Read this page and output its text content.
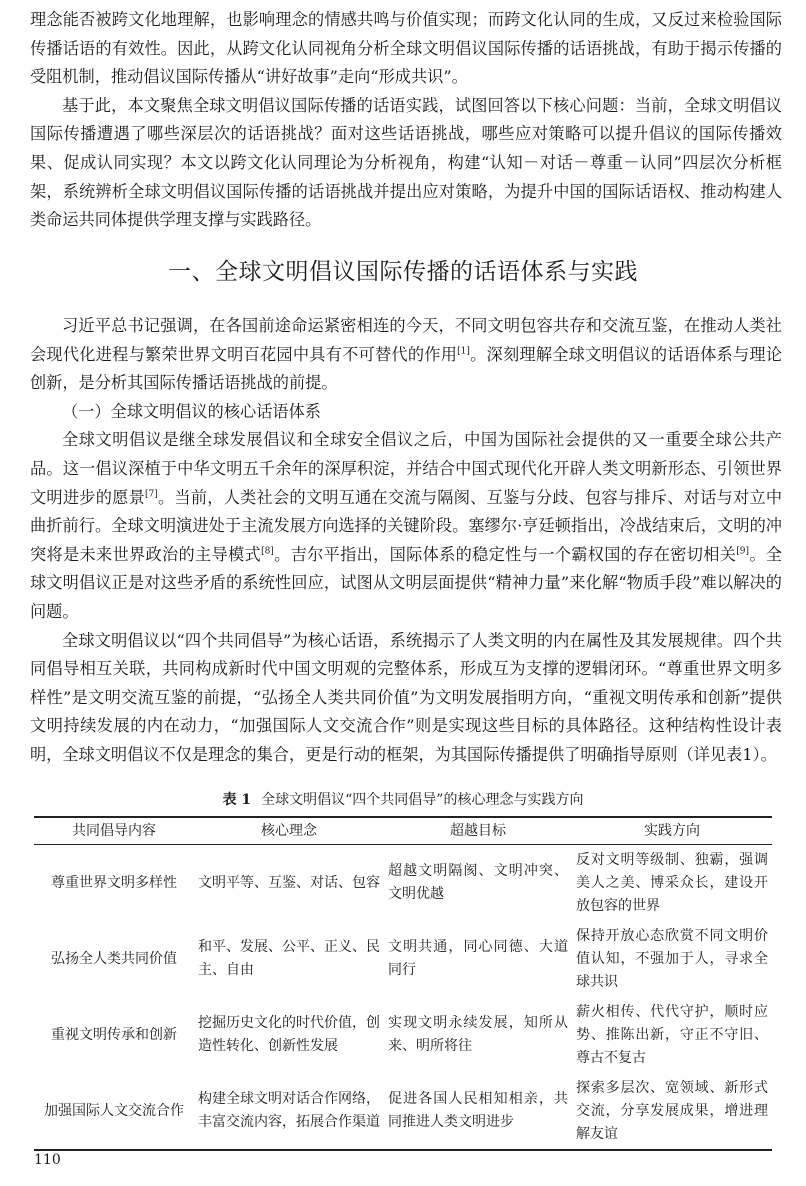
理念能否被跨文化地理解，也影响理念的情感共鸣与价值实现；而跨文化认同的生成，又反过来检验国际传播话语的有效性。因此，从跨文化认同视角分析全球文明倡议国际传播的话语挑战，有助于揭示传播的受阻机制，推动倡议国际传播从“讲好故事”走向“形成共识”。

基于此，本文聚焦全球文明倡议国际传播的话语实践，试图回答以下核心问题：当前，全球文明倡议国际传播遭遇了哪些深层次的话语挑战？面对这些话语挑战，哪些应对策略可以提升倡议的国际传播效果、促成认同实现？本文以跨文化认同理论为分析视角，构建“认知－对话－尊重－认同”四层次分析框架，系统辨析全球文明倡议国际传播的话语挑战并提出应对策略，为提升中国的国际话语权、推动构建人类命运共同体提供学理支撑与实践路径。

一、全球文明倡议国际传播的话语体系与实践

习近平总书记强调，在各国前途命运紧密相连的今天，不同文明包容共存和交流互鉴，在推动人类社会现代化进程与繁荣世界文明百花园中具有不可替代的作用[1]。深刻理解全球文明倡议的话语体系与理论创新，是分析其国际传播话语挑战的前提。

（一）全球文明倡议的核心话语体系

全球文明倡议是继全球发展倡议和全球安全倡议之后，中国为国际社会提供的又一重要全球公共产品。这一倡议深植于中华文明五千余年的深厚积淀，并结合中国式现代化开辟人类文明新形态、引领世界文明进步的愿景[7]。当前，人类社会的文明互通在交流与隔阂、互鉴与分歧、包容与排斥、对话与对立中曲折前行。全球文明演进处于主流发展方向选择的关键阶段。塞缪尔·亨廷顿指出，冷战结束后，文明的冲突将是未来世界政治的主导模式[8]。吉尔平指出，国际体系的稳定性与一个霸权国的存在密切相关[9]。全球文明倡议正是对这些矛盾的系统性回应，试图从文明层面提供“精神力量”来化解“物质手段”难以解决的问题。

全球文明倡议以“四个共同倡导”为核心话语，系统揭示了人类文明的内在属性及其发展规律。四个共同倡导相互关联，共同构成新时代中国文明观的完整体系，形成互为支撑的逻辑闭环。“尊重世界文明多样性”是文明交流互鉴的前提，“弘扬全人类共同价值”为文明发展指明方向，“重视文明传承和创新”提供文明持续发展的内在动力，“加强国际人文交流合作”则是实现这些目标的具体路径。这种结构性设计表明，全球文明倡议不仅是理念的集合，更是行动的框架，为其国际传播提供了明确指导原则（详见表1）。

表 1 全球文明倡议“四个共同倡导”的核心理念与实践方向
共同倡导内容	核心理念	超越目标	实践方向
尊重世界文明多样性	文明平等、互鉴、对话、包容	超越文明隔阂、文明冲突、文明优越	反对文明等级制、独霸，强调美人之美、博采众长，建设开放包容的世界
弘扬全人类共同价值	和平、发展、公平、正义、民主、自由	文明共通，同心同德、大道同行	保持开放心态欣赏不同文明价值认知，不强加于人，寻求全球共识
重视文明传承和创新	挖掘历史文化的时代价值，创造性转化、创新性发展	实现文明永续发展，知所从来、明所将往	薪火相传、代代守护，顺时应势、推陈出新，守正不守旧、尊古不复古
加强国际人文交流合作	构建全球文明对话合作网络，丰富交流内容，拓展合作渠道	促进各国人民相知相亲，共同推进人类文明进步	探索多层次、宽领域、新形式交流，分享发展成果，增进理解友谊
110
